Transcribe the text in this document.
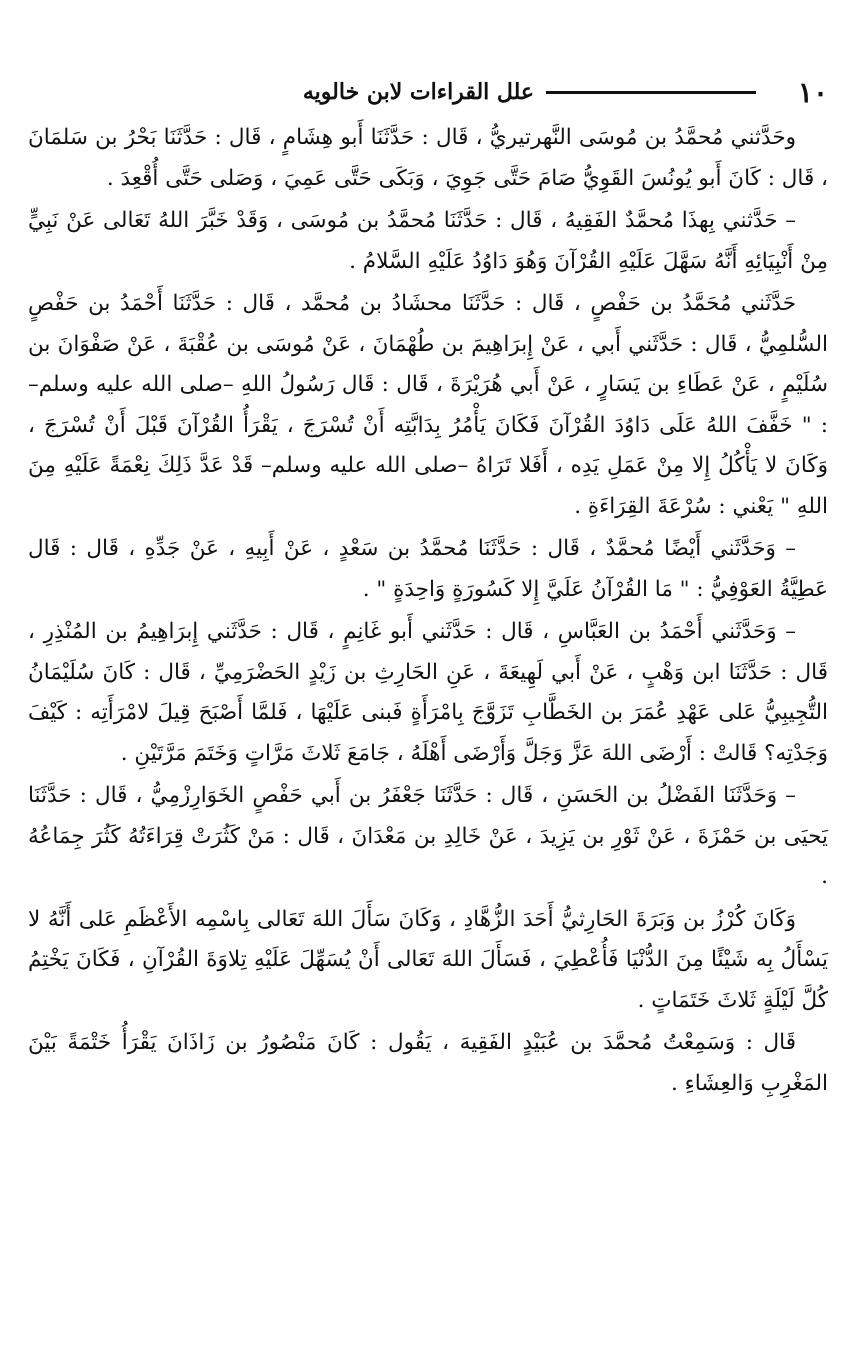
١٠
علل القراءات لابن خالويه

وحَدَّثني مُحمَّدُ بن مُوسَى النَّهرتيريُّ ، قَال : حَدَّثَنَا أَبو هِشَامٍ ، قَال : حَدَّثَنَا بَحْرُ بن سَلمَانَ ، قَال : كَانَ أَبو يُونُسَ القَوِيُّ صَامَ حَتَّى جَوِيَ ، وَبَكَى حَتَّى عَمِيَ ، وَصَلى حَتَّى أُقْعِدَ .

– حَدَّثني بِهذَا مُحمَّدٌ الفَقِيهُ ، قَال : حَدَّثَنَا مُحمَّدُ بن مُوسَى ، وَقَدْ خَبَّرَ اللهُ تَعَالى عَنْ نَبِيٍّ مِنْ أَنْبِيَائِهِ أَنَّهُ سَهَّلَ عَلَيْهِ القُرْآنَ وَهُوَ دَاوُدُ عَلَيْهِ السَّلامُ .

حَدَّثَني مُحَمَّدُ بن حَفْصٍ ، قَال : حَدَّثَنَا محشَادُ بن مُحمَّد ، قَال : حَدَّثَنَا أَحْمَدُ بن حَفْصٍ السُّلمِيُّ ، قَال : حَدَّثَني أَبي ، عَنْ إِبرَاهِيمَ بن طُهْمَانَ ، عَنْ مُوسَى بن عُقْبَةَ ، عَنْ صَفْوَانَ بن سُلَيْمٍ ، عَنْ عَطَاءِ بن يَسَارٍ ، عَنْ أَبي هُرَيْرَةَ ، قَال : قَال رَسُولُ اللهِ –صلى الله عليه وسلم– : " خَفَّفَ اللهُ عَلَى دَاوُدَ القُرْآنَ فَكَانَ يَأْمُرُ بِدَابَّتِه أَنْ تُسْرَجَ ، يَقْرَأُ القُرْآنَ قَبْلَ أَنْ تُسْرَجَ ، وَكَانَ لا يَأْكُلُ إِلا مِنْ عَمَلِ يَدِه ، أَفَلا تَرَاهُ –صلى الله عليه وسلم– قَدْ عَدَّ ذَلِكَ نِعْمَةً عَلَيْهِ مِنَ اللهِ " يَعْني : سُرْعَةَ القِرَاءَةِ .

– وَحَدَّثَني أَيْضًا مُحمَّدٌ ، قَال : حَدَّثَنَا مُحمَّدُ بن سَعْدٍ ، عَنْ أَبِيهِ ، عَنْ جَدِّهِ ، قَال : قَال عَطِيَّةُ العَوْفِيُّ : " مَا القُرْآنُ عَلَيَّ إِلا كَسُورَةٍ وَاحِدَةٍ " .

– وَحَدَّثَني أَحْمَدُ بن العَبَّاسِ ، قَال : حَدَّثَني أَبو غَانِمٍ ، قَال : حَدَّثَني إِبرَاهِيمُ بن المُنْذِرِ ، قَال : حَدَّثَنَا ابن وَهْبٍ ، عَنْ أَبي لَهِيعَةَ ، عَنِ الحَارِثِ بن زَيْدٍ الحَضْرَمِيِّ ، قَال : كَانَ سُلَيْمَانُ التُّجِيبِيُّ عَلى عَهْدِ عُمَرَ بن الخَطَّابِ تَزَوَّجَ بِامْرَأَةٍ فَبنى عَلَيْهَا ، فَلمَّا أَصْبَحَ قِيلَ لامْرَأَتِه : كَيْفَ وَجَدْتِه؟ قَالتْ : أَرْضَى اللهَ عَزَّ وَجَلَّ وَأَرْضَى أَهْلَهُ ، جَامَعَ ثَلاثَ مَرَّاتٍ وَخَتَمَ مَرَّتَيْنِ .

– وَحَدَّثَنَا الفَضْلُ بن الحَسَنِ ، قَال : حَدَّثَنَا جَعْفَرُ بن أَبي حَفْصٍ الخَوَارِزْمِيُّ ، قَال : حَدَّثَنَا يَحيَى بن حَمْزَةَ ، عَنْ ثَوْرِ بن يَزِيدَ ، عَنْ خَالِدِ بن مَعْدَانَ ، قَال : مَنْ كَثُرَتْ قِرَاءَتُهُ كَثُرَ جِمَاعُهُ .

وَكَانَ كُرْزُ بن وَبَرَةَ الحَارِثيُّ أَحَدَ الزُّهَّادِ ، وَكَانَ سَأَلَ اللهَ تَعَالى بِاسْمِه الأَعْظَمِ عَلى أَنَّهُ لا يَسْأَلُ بِه شَيْئًا مِنَ الدُّنْيَا فَأُعْطِيَ ، فَسَأَلَ اللهَ تَعَالى أَنْ يُسَهِّلَ عَلَيْهِ تِلاوَةَ القُرْآنِ ، فَكَانَ يَخْتِمُ كُلَّ لَيْلَةٍ ثَلاثَ خَتَمَاتٍ .

قَال : وَسَمِعْتُ مُحمَّدَ بن عُبَيْدٍ الفَقِيهَ ، يَقُول : كَانَ مَنْصُورُ بن زَاذَانَ يَقْرَأُ خَتْمَةً بَيْنَ المَغْرِبِ وَالعِشَاءِ .
